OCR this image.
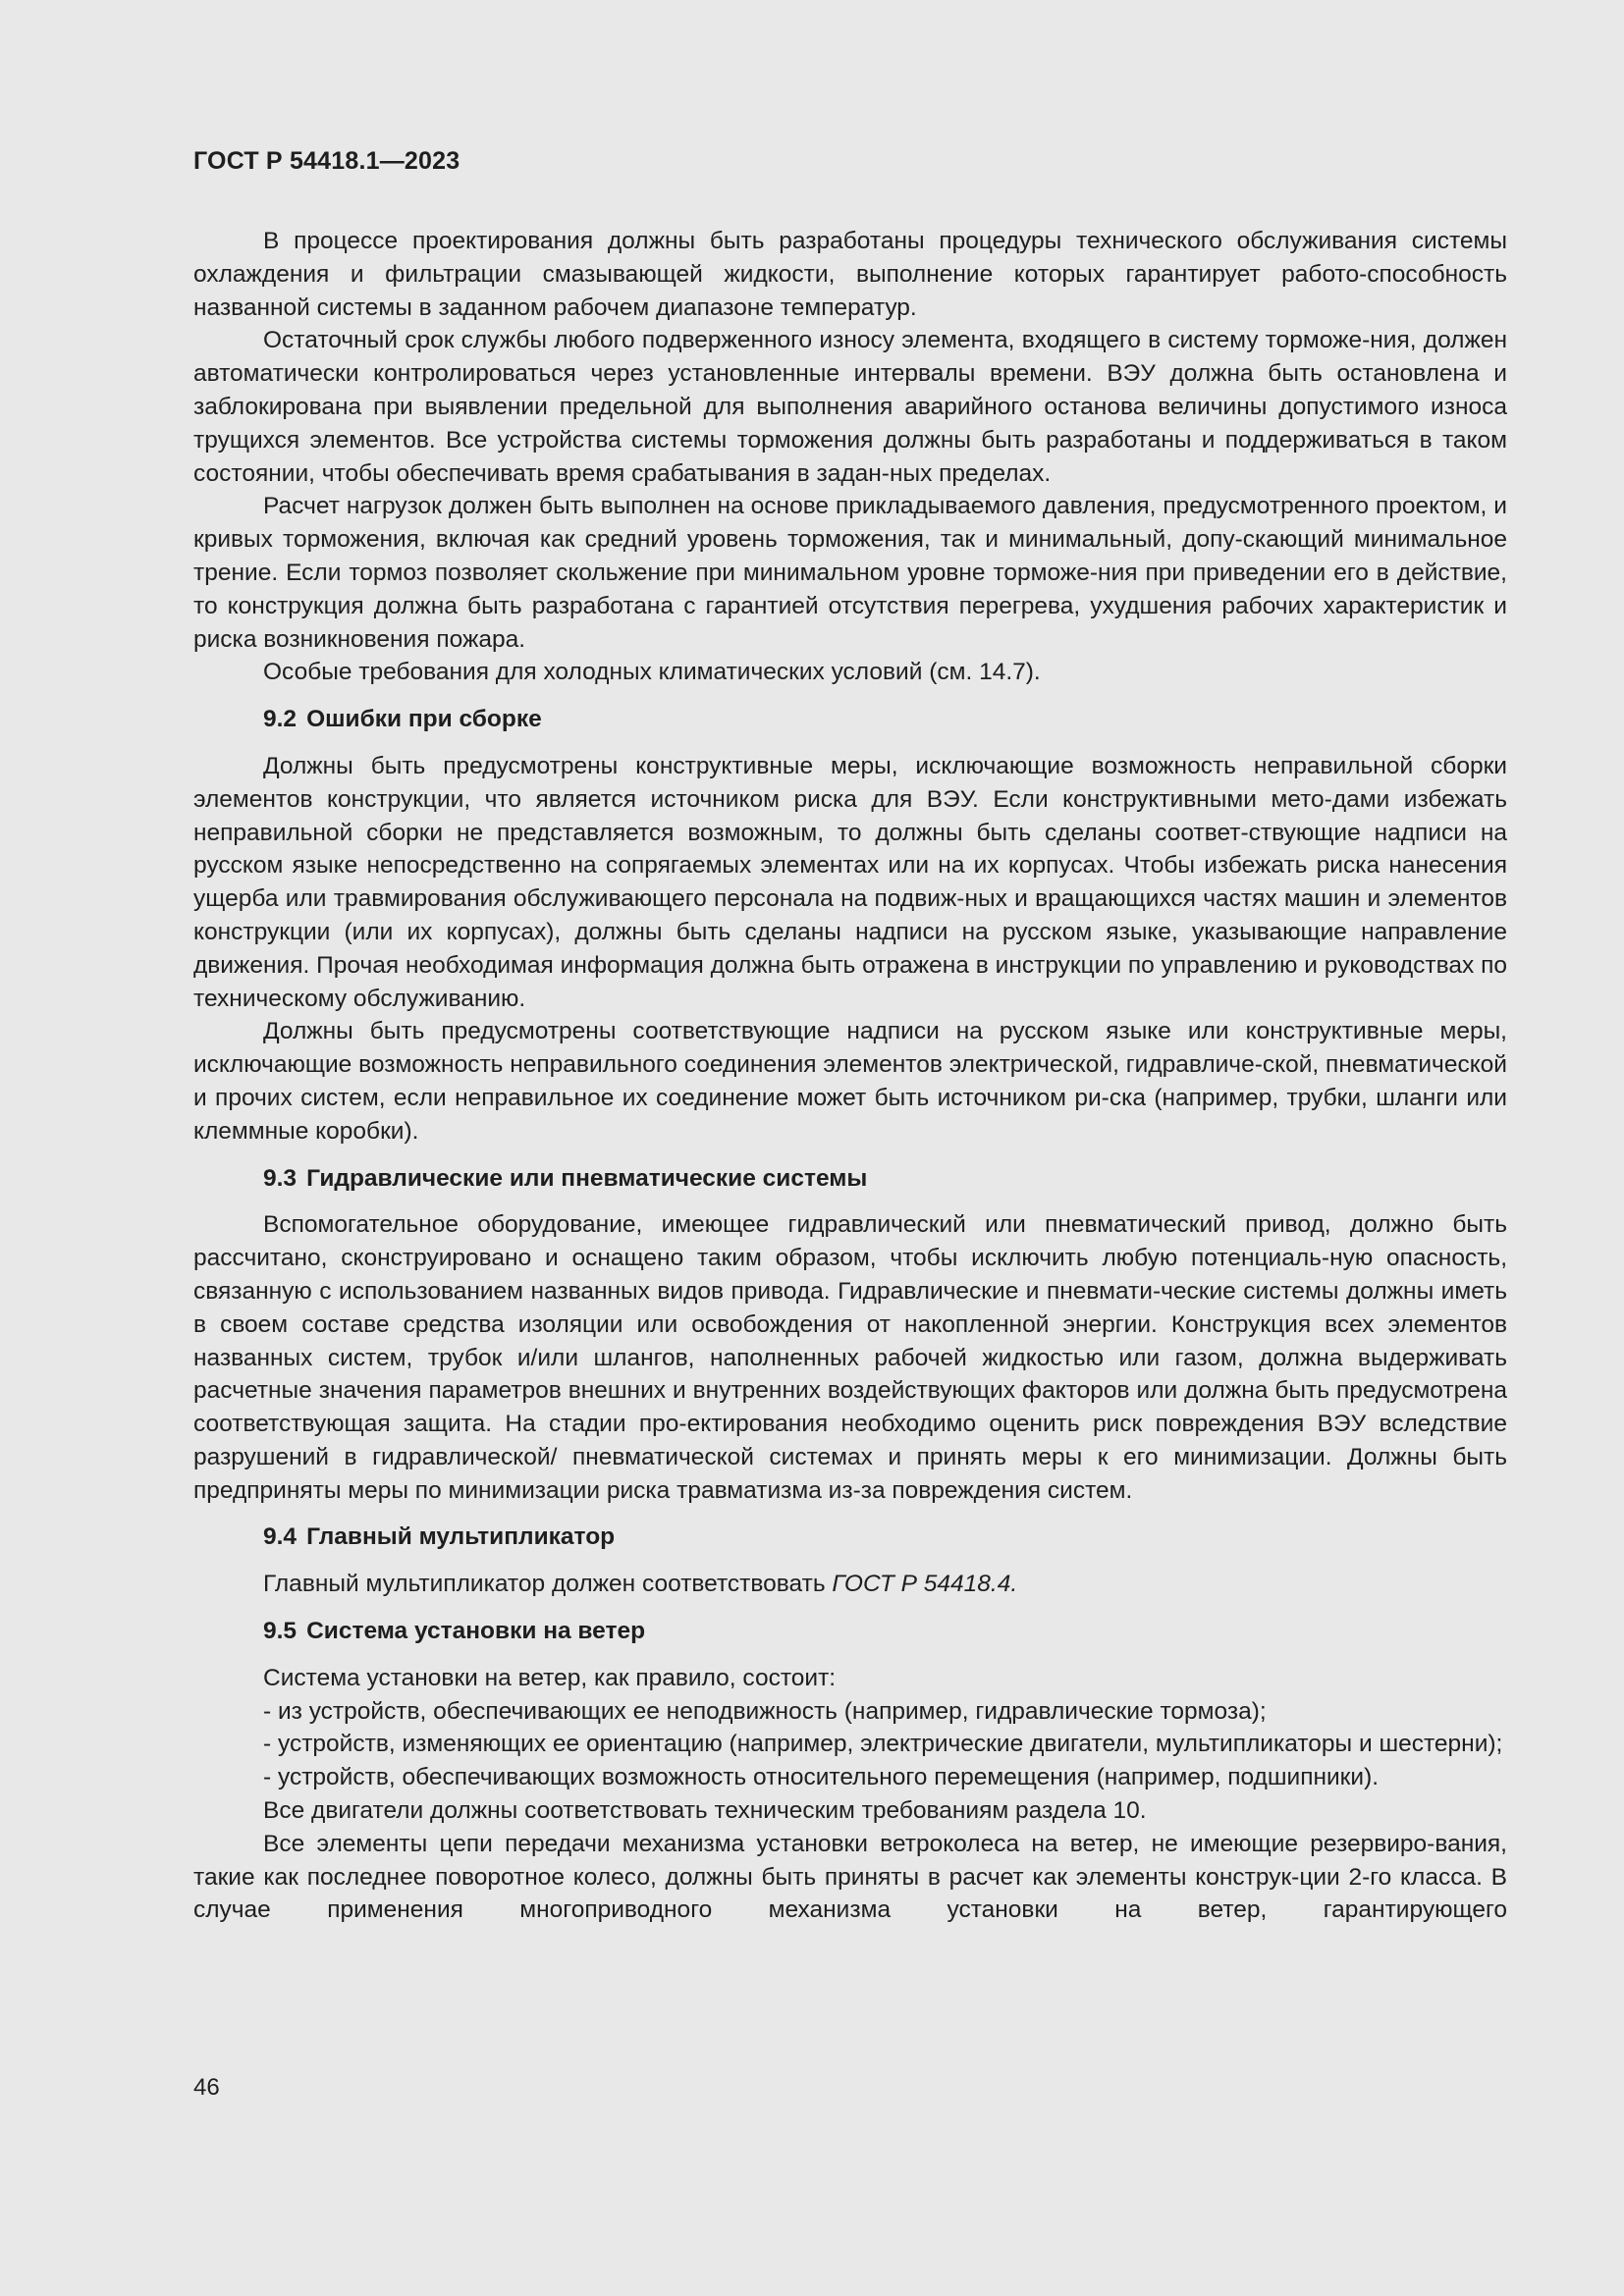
ГОСТ Р 54418.1—2023

В процессе проектирования должны быть разработаны процедуры технического обслуживания системы охлаждения и фильтрации смазывающей жидкости, выполнение которых гарантирует работо-способность названной системы в заданном рабочем диапазоне температур.

Остаточный срок службы любого подверженного износу элемента, входящего в систему торможе-ния, должен автоматически контролироваться через установленные интервалы времени. ВЭУ должна быть остановлена и заблокирована при выявлении предельной для выполнения аварийного останова величины допустимого износа трущихся элементов. Все устройства системы торможения должны быть разработаны и поддерживаться в таком состоянии, чтобы обеспечивать время срабатывания в задан-ных пределах.

Расчет нагрузок должен быть выполнен на основе прикладываемого давления, предусмотренного проектом, и кривых торможения, включая как средний уровень торможения, так и минимальный, допу-скающий минимальное трение. Если тормоз позволяет скольжение при минимальном уровне торможе-ния при приведении его в действие, то конструкция должна быть разработана с гарантией отсутствия перегрева, ухудшения рабочих характеристик и риска возникновения пожара.

Особые требования для холодных климатических условий (см. 14.7).

9.2 Ошибки при сборке

Должны быть предусмотрены конструктивные меры, исключающие возможность неправильной сборки элементов конструкции, что является источником риска для ВЭУ. Если конструктивными мето-дами избежать неправильной сборки не представляется возможным, то должны быть сделаны соответ-ствующие надписи на русском языке непосредственно на сопрягаемых элементах или на их корпусах. Чтобы избежать риска нанесения ущерба или травмирования обслуживающего персонала на подвиж-ных и вращающихся частях машин и элементов конструкции (или их корпусах), должны быть сделаны надписи на русском языке, указывающие направление движения. Прочая необходимая информация должна быть отражена в инструкции по управлению и руководствах по техническому обслуживанию.

Должны быть предусмотрены соответствующие надписи на русском языке или конструктивные меры, исключающие возможность неправильного соединения элементов электрической, гидравличе-ской, пневматической и прочих систем, если неправильное их соединение может быть источником ри-ска (например, трубки, шланги или клеммные коробки).

9.3 Гидравлические или пневматические системы

Вспомогательное оборудование, имеющее гидравлический или пневматический привод, должно быть рассчитано, сконструировано и оснащено таким образом, чтобы исключить любую потенциаль-ную опасность, связанную с использованием названных видов привода. Гидравлические и пневмати-ческие системы должны иметь в своем составе средства изоляции или освобождения от накопленной энергии. Конструкция всех элементов названных систем, трубок и/или шлангов, наполненных рабочей жидкостью или газом, должна выдерживать расчетные значения параметров внешних и внутренних воздействующих факторов или должна быть предусмотрена соответствующая защита. На стадии про-ектирования необходимо оценить риск повреждения ВЭУ вследствие разрушений в гидравлической/ пневматической системах и принять меры к его минимизации. Должны быть предприняты меры по минимизации риска травматизма из-за повреждения систем.

9.4 Главный мультипликатор

Главный мультипликатор должен соответствовать ГОСТ Р 54418.4.

9.5 Система установки на ветер

Система установки на ветер, как правило, состоит:

- из устройств, обеспечивающих ее неподвижность (например, гидравлические тормоза);

- устройств, изменяющих ее ориентацию (например, электрические двигатели, мультипликаторы и шестерни);

- устройств, обеспечивающих возможность относительного перемещения (например, подшипники).

Все двигатели должны соответствовать техническим требованиям раздела 10.

Все элементы цепи передачи механизма установки ветроколеса на ветер, не имеющие резервиро-вания, такие как последнее поворотное колесо, должны быть приняты в расчет как элементы конструк-ции 2-го класса. В случае применения многоприводного механизма установки на ветер, гарантирующего

46
